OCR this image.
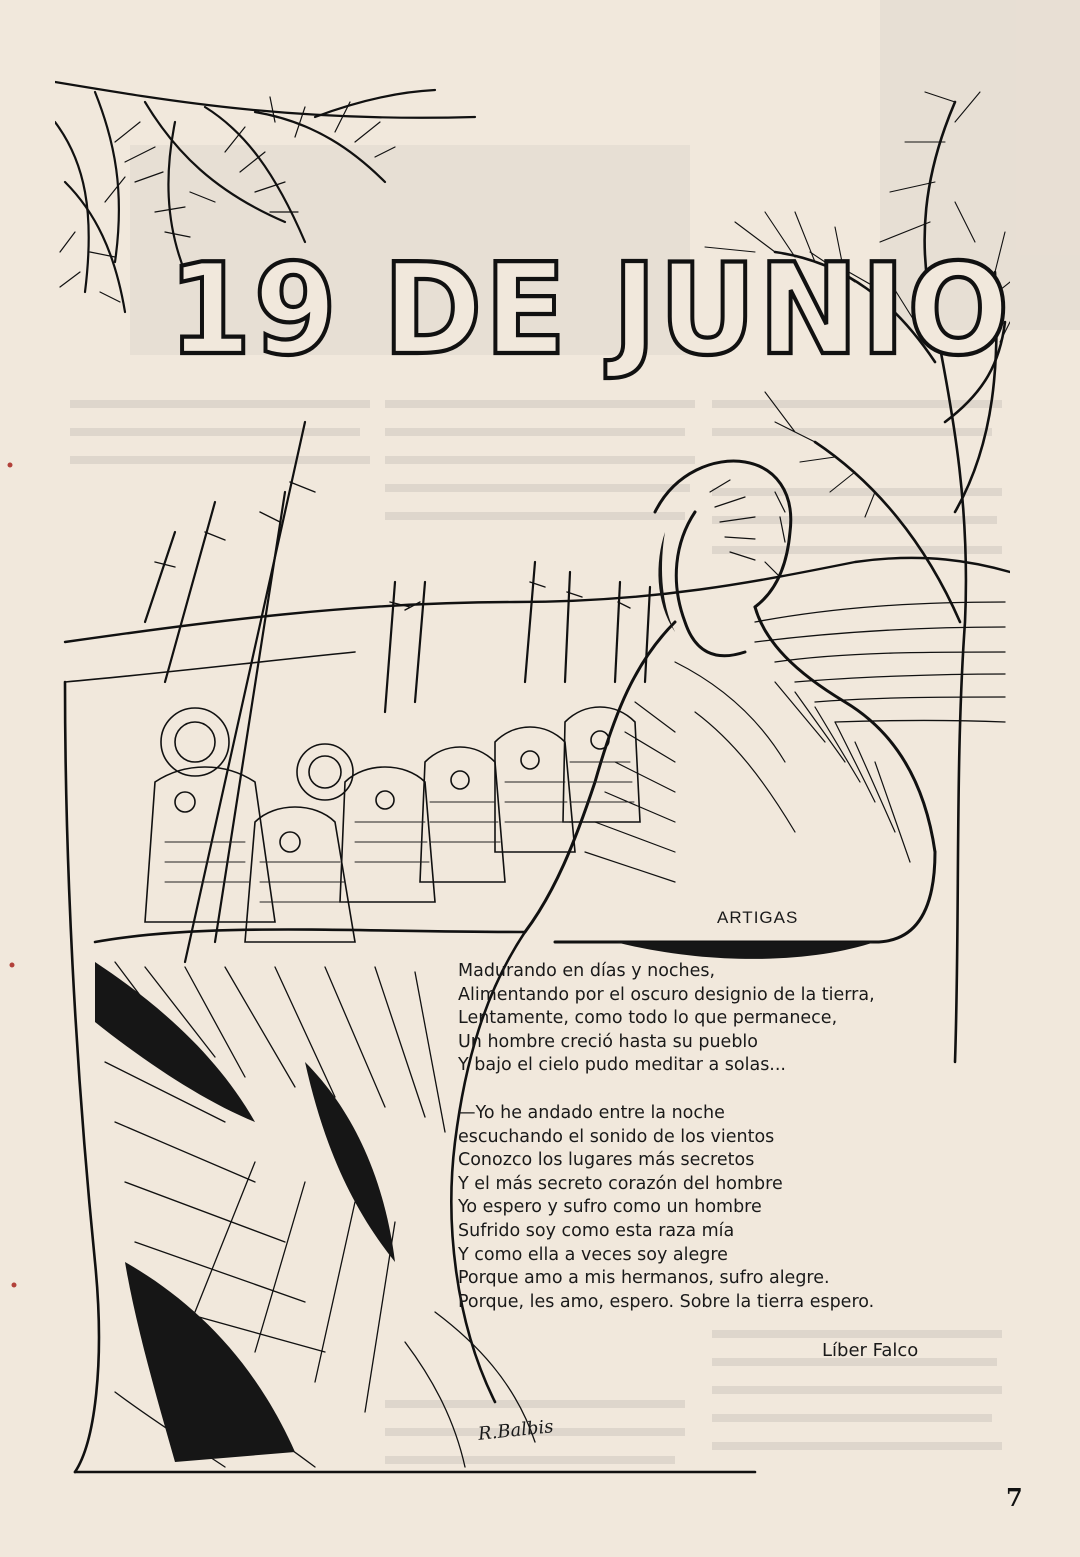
19 DE JUNIO
ARTIGAS
Madurando en días y noches,
Alimentando por el oscuro designio de la tierra,
Lentamente, como todo lo que permanece,
Un hombre creció hasta su pueblo
Y bajo el cielo pudo meditar a solas...
—Yo he andado entre la noche
escuchando el sonido de los vientos
Conozco los lugares más secretos
Y el más secreto corazón del hombre
Yo espero y sufro como un hombre
Sufrido soy como esta raza mía
Y como ella a veces soy alegre
Porque amo a mis hermanos, sufro alegre.
Porque, les amo, espero. Sobre la tierra espero.
Líber Falco
R.Balbis
7
